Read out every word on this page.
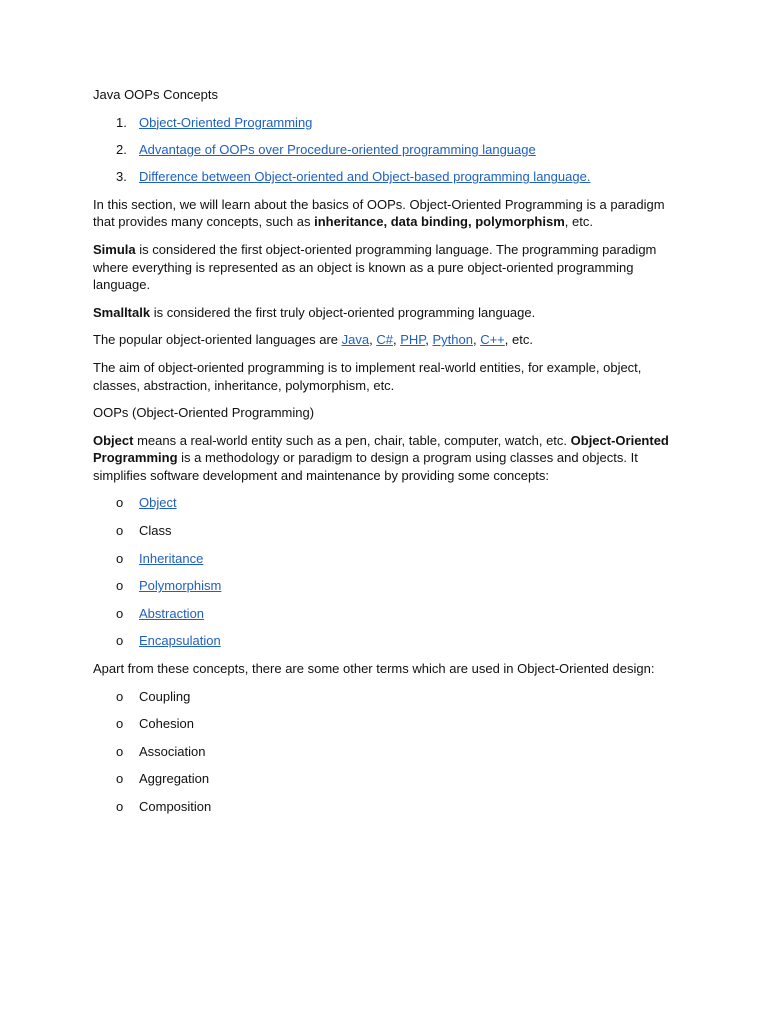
Java OOPs Concepts

1. Object-Oriented Programming
2. Advantage of OOPs over Procedure-oriented programming language
3. Difference between Object-oriented and Object-based programming language.

In this section, we will learn about the basics of OOPs. Object-Oriented Programming is a paradigm that provides many concepts, such as inheritance, data binding, polymorphism, etc.

Simula is considered the first object-oriented programming language. The programming paradigm where everything is represented as an object is known as a pure object-oriented programming language.

Smalltalk is considered the first truly object-oriented programming language.

The popular object-oriented languages are Java, C#, PHP, Python, C++, etc.

The aim of object-oriented programming is to implement real-world entities, for example, object, classes, abstraction, inheritance, polymorphism, etc.

OOPs (Object-Oriented Programming)

Object means a real-world entity such as a pen, chair, table, computer, watch, etc. Object-Oriented Programming is a methodology or paradigm to design a program using classes and objects. It simplifies software development and maintenance by providing some concepts:

o Object
o Class
o Inheritance
o Polymorphism
o Abstraction
o Encapsulation

Apart from these concepts, there are some other terms which are used in Object-Oriented design:

o Coupling
o Cohesion
o Association
o Aggregation
o Composition
